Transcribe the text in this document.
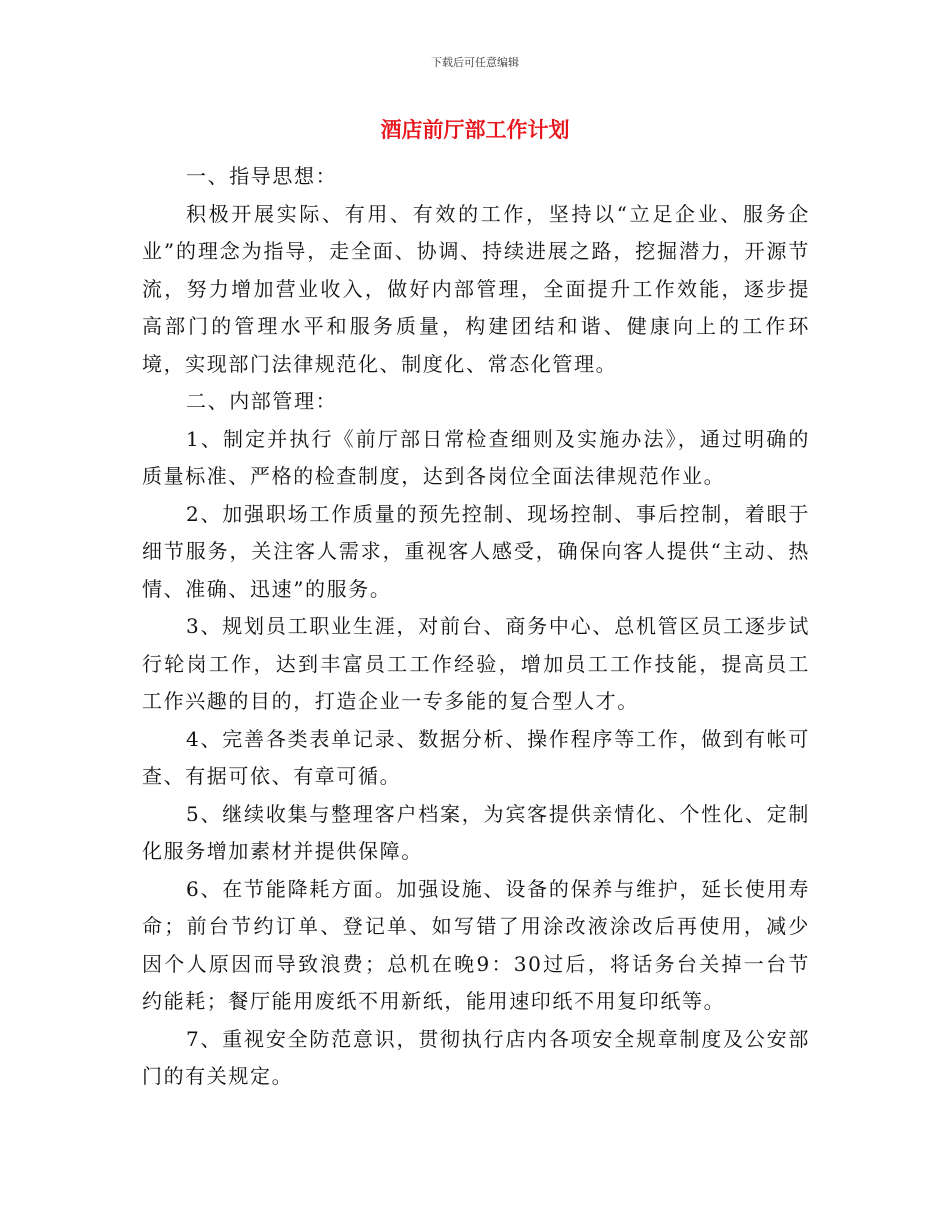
下载后可任意编辑
酒店前厅部工作计划

一、指导思想：

积极开展实际、有用、有效的工作，坚持以“立足企业、服务企业”的理念为指导，走全面、协调、持续进展之路，挖掘潜力，开源节流，努力增加营业收入，做好内部管理，全面提升工作效能，逐步提高部门的管理水平和服务质量，构建团结和谐、健康向上的工作环境，实现部门法律规范化、制度化、常态化管理。

二、内部管理：

1、制定并执行《前厅部日常检查细则及实施办法》，通过明确的质量标准、严格的检查制度，达到各岗位全面法律规范作业。

2、加强职场工作质量的预先控制、现场控制、事后控制，着眼于细节服务，关注客人需求，重视客人感受，确保向客人提供“主动、热情、准确、迅速”的服务。

3、规划员工职业生涯，对前台、商务中心、总机管区员工逐步试行轮岗工作，达到丰富员工工作经验，增加员工工作技能，提高员工工作兴趣的目的，打造企业一专多能的复合型人才。

4、完善各类表单记录、数据分析、操作程序等工作，做到有帐可查、有据可依、有章可循。

5、继续收集与整理客户档案，为宾客提供亲情化、个性化、定制化服务增加素材并提供保障。

6、在节能降耗方面。加强设施、设备的保养与维护，延长使用寿命；前台节约订单、登记单、如写错了用涂改液涂改后再使用，减少因个人原因而导致浪费；总机在晚9：30过后，将话务台关掉一台节约能耗；餐厅能用废纸不用新纸，能用速印纸不用复印纸等。

7、重视安全防范意识，贯彻执行店内各项安全规章制度及公安部门的有关规定。
